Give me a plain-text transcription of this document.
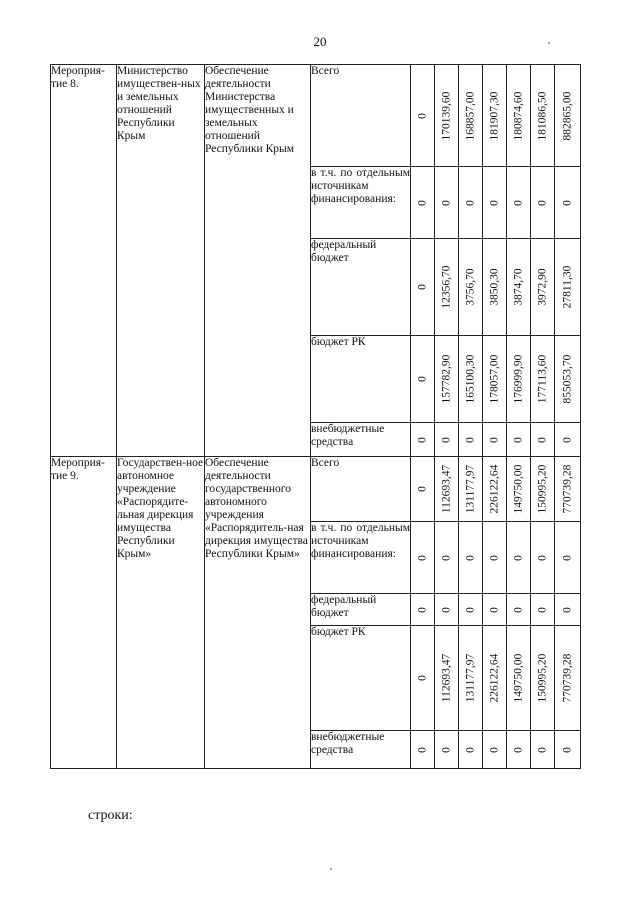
20
Мероприя-тие 8.	Министерство имуществен-ных и земельных отношений Республики Крым	Обеспечение деятельности Министерства имущественных и земельных отношений Республики Крым	Всего	0	170139,60	168857,00	181907,30	180874,60	181086,50	882865,00

			в т.ч. по отдельным источникам финансирования:	0	0	0	0	0	0	0

			федеральный бюджет	0	12356,70	3756,70	3850,30	3874,70	3972,90	27811,30

			бюджет РК	0	157782,90	165100,30	178057,00	176999,90	177113,60	855053,70

			внебюджетные средства	0	0	0	0	0	0	0

Мероприя-тие 9.	Государствен-ное автономное учреждение «Распорядите-льная дирекция имущества Республики Крым»	Обеспечение деятельности государственного автономного учреждения «Распорядитель-ная дирекция имущества Республики Крым»	Всего	0	112693,47	131177,97	226122,64	149750,00	150995,20	770739,28

			в т.ч. по отдельным источникам финансирования:	0	0	0	0	0	0	0

			федеральный бюджет	0	0	0	0	0	0	0

			бюджет РК	0	112693,47	131177,97	226122,64	149750,00	150995,20	770739,28

			внебюджетные средства	0	0	0	0	0	0	0
строки:
